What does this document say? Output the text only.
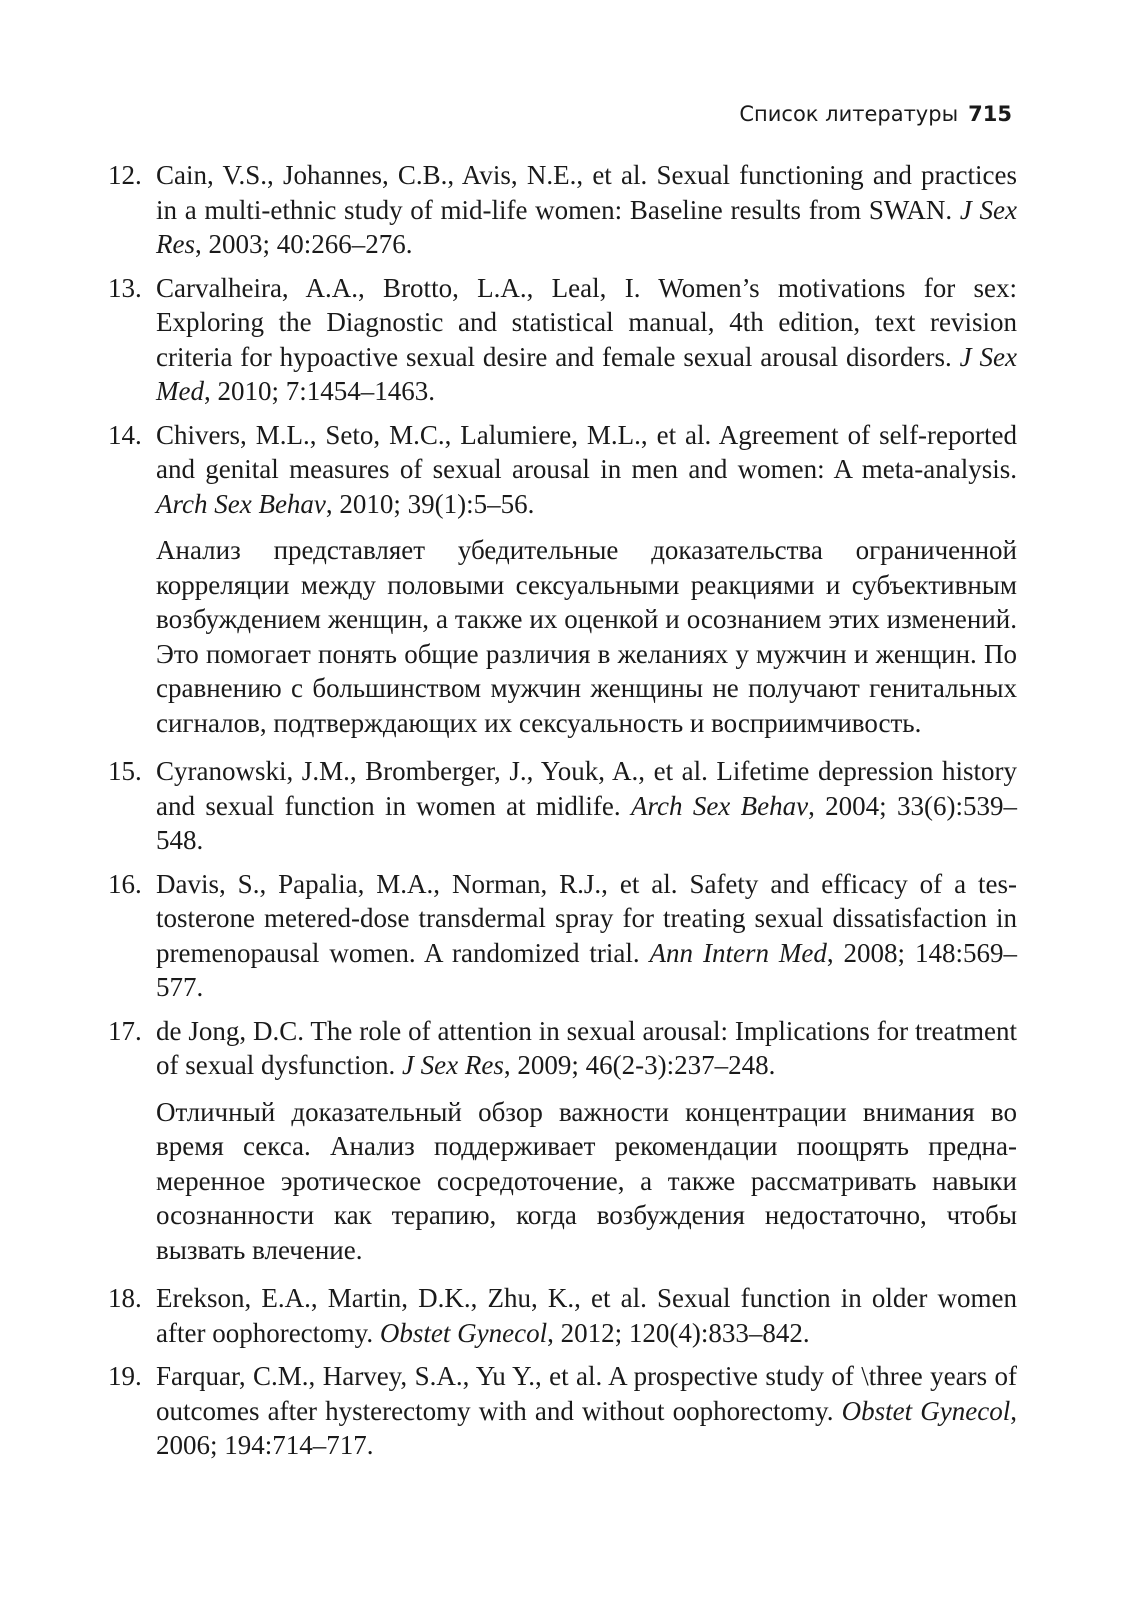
Список литературы 715
12. Cain, V.S., Johannes, C.B., Avis, N.E., et al. Sexual functioning and practices in a multi-ethnic study of mid-life women: Baseline results from SWAN. J Sex Res, 2003; 40:266–276.
13. Carvalheira, A.A., Brotto, L.A., Leal, I. Women’s motivations for sex: Exploring the Diagnostic and statistical manual, 4th edition, text revision criteria for hypoactive sexual desire and female sexual arousal disorders. J Sex Med, 2010; 7:1454–1463.
14. Chivers, M.L., Seto, M.C., Lalumiere, M.L., et al. Agreement of self-reported and genital measures of sexual arousal in men and women: A meta-analysis. Arch Sex Behav, 2010; 39(1):5–56.
Анализ представляет убедительные доказательства ограниченной корреляции между половыми сексуальными реакциями и субъективным возбуждением женщин, а также их оценкой и осознанием этих изменений. Это помогает понять общие различия в желаниях у мужчин и женщин. По сравнению с большинством мужчин женщины не получают генитальных сигналов, подтверждающих их сексуальность и восприимчивость.
15. Cyranowski, J.M., Bromberger, J., Youk, A., et al. Lifetime depression history and sexual function in women at midlife. Arch Sex Behav, 2004; 33(6):539–548.
16. Davis, S., Papalia, M.A., Norman, R.J., et al. Safety and efficacy of a testosterone metered-dose transdermal spray for treating sexual dissatisfaction in premenopausal women. A randomized trial. Ann Intern Med, 2008; 148:569–577.
17. de Jong, D.C. The role of attention in sexual arousal: Implications for treatment of sexual dysfunction. J Sex Res, 2009; 46(2-3):237–248.
Отличный доказательный обзор важности концентрации внимания во время секса. Анализ поддерживает рекомендации поощрять преднамеренное эротическое сосредоточение, а также рассматривать навыки осознанности как терапию, когда возбуждения недостаточно, чтобы вызвать влечение.
18. Erekson, E.A., Martin, D.K., Zhu, K., et al. Sexual function in older women after oophorectomy. Obstet Gynecol, 2012; 120(4):833–842.
19. Farquar, C.M., Harvey, S.A., Yu Y., et al. A prospective study of \three years of outcomes after hysterectomy with and without oophorectomy. Obstet Gynecol, 2006; 194:714–717.
